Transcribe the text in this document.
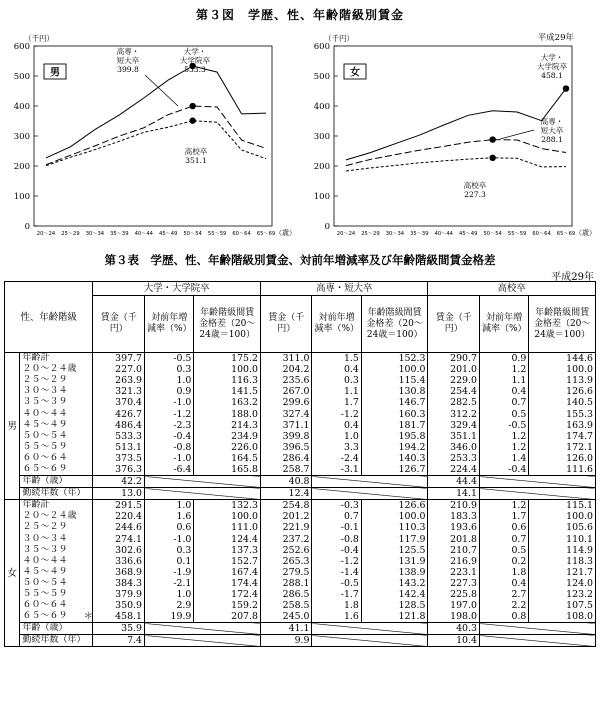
第３図　学歴、性、年齢階級別賃金
600
500
400
300
200
100
0
（千円）
20～24 25～29 30～34 35～39 40～44 45～49 50～54 55～59 60～64 65～69 （歳）
男
高専・
短大卒
399.8
大学・
大学院卒
533.3
高校卒
351.1
平成29年
600
500
400
300
200
100
0
（千円）
20～24 25～29 30～34 35～39 40～44 45～49 50～54 55～59 60～64 65～69 （歳）
女
大学・
大学院卒
458.1
高専・
短大卒
288.1
高校卒
227.3
第３表　学歴、性、年齢階級別賃金、対前年増減率及び年齢階級間賃金格差
平成29年
性、年齢階級		大学・大学院卒			高専・短大卒			高校卒		
		賃金（千円）	対前年増減率（%）	年齢階級間賃金格差（20～24歳＝100）	賃金（千円）	対前年増減率（%）	年齢階級間賃金格差（20～24歳＝100）	賃金（千円）	対前年増減率（%）	年齢階級間賃金格差（20～24歳＝100）
男	年齢計	397.7	-0.5	175.2	311.0	1.5	152.3	290.7	0.9	144.6
	２０～２４歳	227.0	0.3	100.0	204.2	0.4	100.0	201.0	1.2	100.0
	２５～２９	263.9	1.0	116.3	235.6	0.3	115.4	229.0	1.1	113.9
	３０～３４	321.3	0.9	141.5	267.0	1.1	130.8	254.4	0.4	126.6
	３５～３９	370.4	-1.0	163.2	299.6	1.7	146.7	282.5	0.7	140.5
	４０～４４	426.7	-1.2	188.0	327.4	-1.2	160.3	312.2	0.5	155.3
	４５～４９	486.4	-2.3	214.3	371.1	0.4	181.7	329.4	-0.5	163.9
	５０～５４	533.3	-0.4	234.9	399.8	1.0	195.8	351.1	1.2	174.7
	５５～５９	513.1	-0.8	226.0	396.5	3.3	194.2	346.0	1.2	172.1
	６０～６４	373.5	-1.0	164.5	286.4	-2.4	140.3	253.3	1.4	126.0
	６５～６９	376.3	-6.4	165.8	258.7	-3.1	126.7	224.4	-0.4	111.6
	年齢（歳）	42.2			40.8			44.4		
	勤続年数（年）	13.0			12.4			14.1		
女	年齢計	291.5	1.0	132.3	254.8	-0.3	126.6	210.9	1.2	115.1
	２０～２４歳	220.4	1.6	100.0	201.2	0.7	100.0	183.3	1.7	100.0
	２５～２９	244.6	0.6	111.0	221.9	-0.1	110.3	193.6	0.6	105.6
	３０～３４	274.1	-1.0	124.4	237.2	-0.8	117.9	201.8	0.7	110.1
	３５～３９	302.6	0.3	137.3	252.6	-0.4	125.5	210.7	0.5	114.9
	４０～４４	336.6	0.1	152.7	265.3	-1.2	131.9	216.9	0.2	118.3
	４５～４９	368.9	-1.9	167.4	279.5	-1.4	138.9	223.1	1.8	121.7
	５０～５４	384.3	-2.1	174.4	288.1	-0.5	143.2	227.3	0.4	124.0
	５５～５９	379.9	1.0	172.4	286.5	-1.7	142.4	225.8	2.7	123.2
	６０～６４	350.9	2.9	159.2	258.5	1.8	128.5	197.0	2.2	107.5
	６５～６９	＊ 458.1	19.9	207.8	245.0	1.6	121.8	198.0	0.8	108.0
	年齢（歳）	35.9			41.1			40.3		
	勤続年数（年）	7.4			9.9			10.4		
